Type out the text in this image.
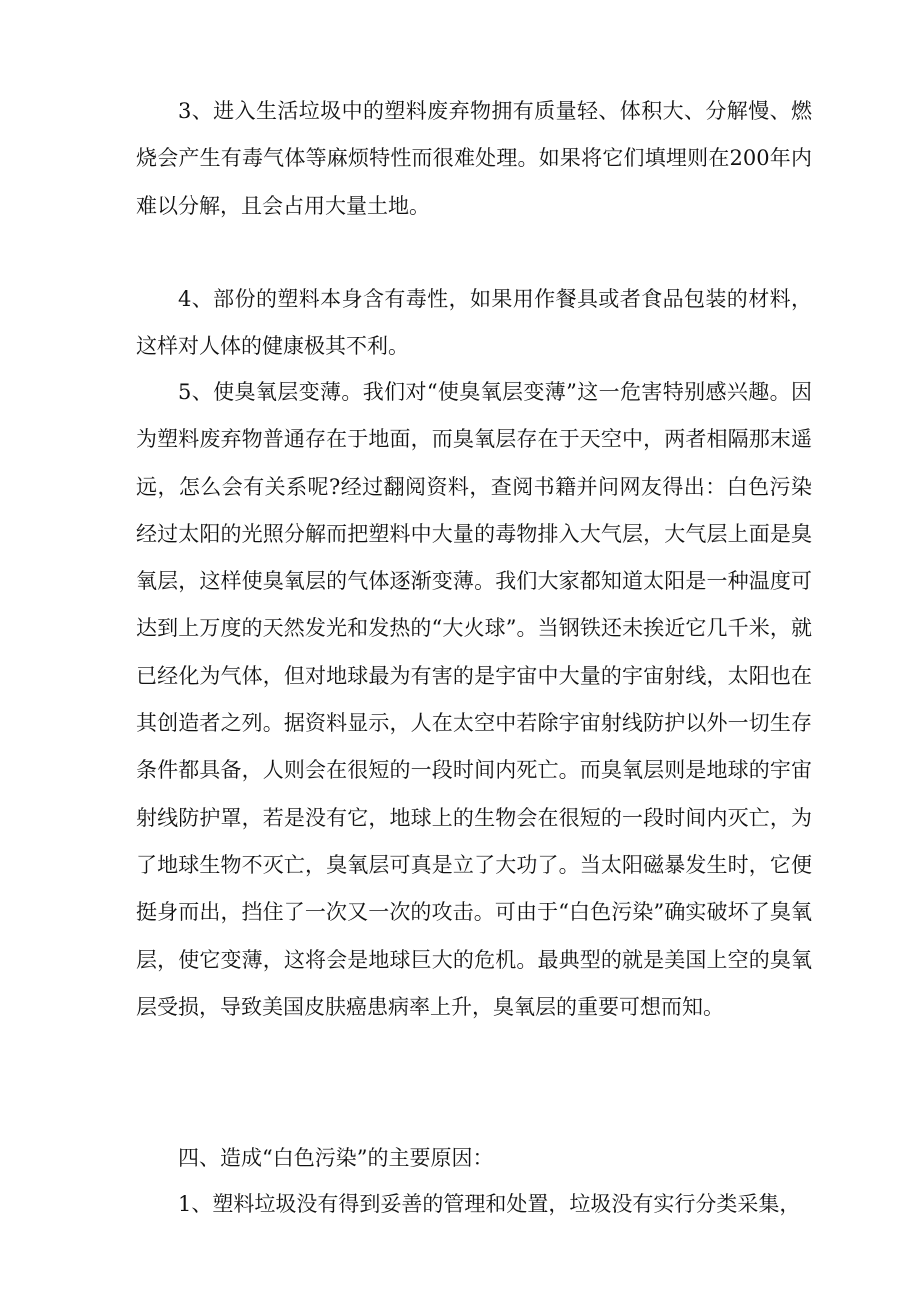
3、进入生活垃圾中的塑料废弃物拥有质量轻、体积大、分解慢、燃烧会产生有毒气体等麻烦特性而很难处理。如果将它们填埋则在200年内难以分解，且会占用大量土地。

4、部份的塑料本身含有毒性，如果用作餐具或者食品包装的材料，这样对人体的健康极其不利。

5、使臭氧层变薄。我们对“使臭氧层变薄”这一危害特别感兴趣。因为塑料废弃物普通存在于地面，而臭氧层存在于天空中，两者相隔那末遥远，怎么会有关系呢?经过翻阅资料，查阅书籍并问网友得出：白色污染经过太阳的光照分解而把塑料中大量的毒物排入大气层，大气层上面是臭氧层，这样使臭氧层的气体逐渐变薄。我们大家都知道太阳是一种温度可达到上万度的天然发光和发热的“大火球”。当钢铁还未挨近它几千米，就已经化为气体，但对地球最为有害的是宇宙中大量的宇宙射线，太阳也在其创造者之列。据资料显示，人在太空中若除宇宙射线防护以外一切生存条件都具备，人则会在很短的一段时间内死亡。而臭氧层则是地球的宇宙射线防护罩，若是没有它，地球上的生物会在很短的一段时间内灭亡，为了地球生物不灭亡，臭氧层可真是立了大功了。当太阳磁暴发生时，它便挺身而出，挡住了一次又一次的攻击。可由于“白色污染”确实破坏了臭氧层，使它变薄，这将会是地球巨大的危机。最典型的就是美国上空的臭氧层受损，导致美国皮肤癌患病率上升，臭氧层的重要可想而知。

四、造成“白色污染”的主要原因：

1、塑料垃圾没有得到妥善的管理和处置，垃圾没有实行分类采集，
